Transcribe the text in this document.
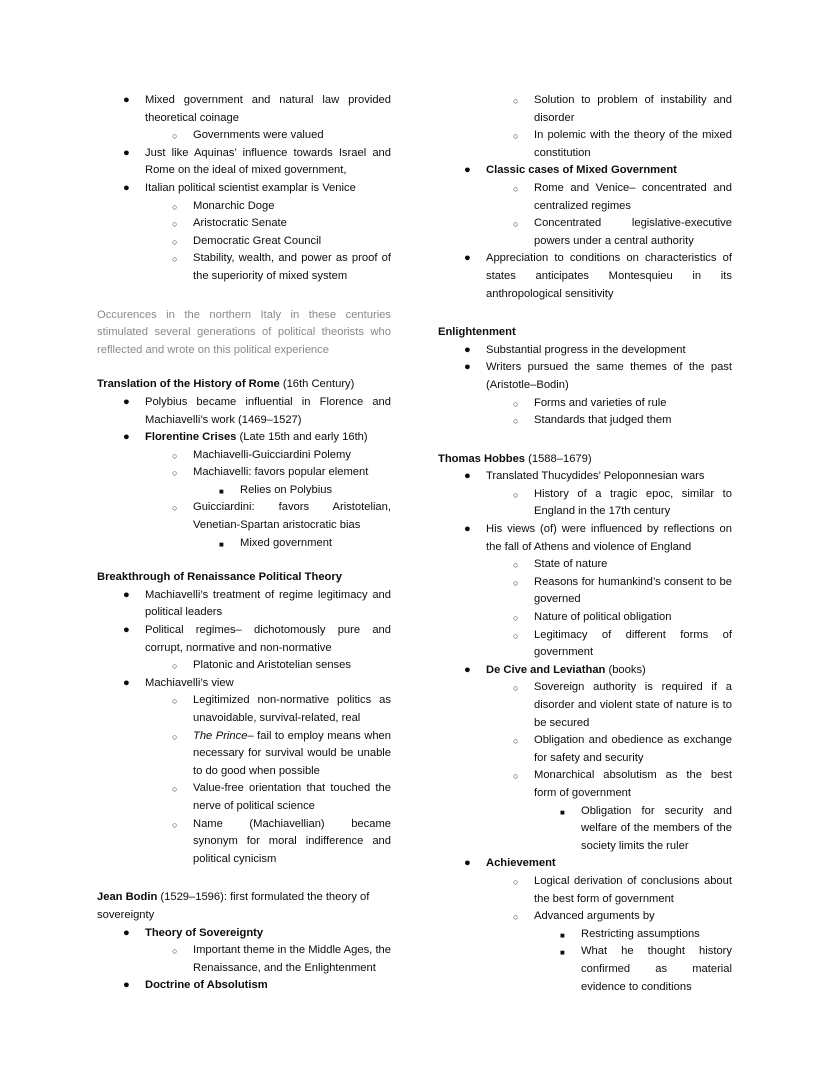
● Mixed government and natural law provided theoretical coinage
○ Governments were valued
● Just like Aquinas’ influence towards Israel and Rome on the ideal of mixed government,
● Italian political scientist examplar is Venice
○ Monarchic Doge
○ Aristocratic Senate
○ Democratic Great Council
○ Stability, wealth, and power as proof of the superiority of mixed system

Occurences in the northern Italy in these centuries stimulated several generations of political theorists who refllected and wrote on this political experience

Translation of the History of Rome (16th Century)
● Polybius became influential in Florence and Machiavelli’s work (1469–1527)
● Florentine Crises (Late 15th and early 16th)
○ Machiavelli-Guicciardini Polemy
○ Machiavelli: favors popular element
■ Relies on Polybius
○ Guicciardini: favors Aristotelian, Venetian-Spartan aristocratic bias
■ Mixed government
Breakthrough of Renaissance Political Theory
● Machiavelli’s treatment of regime legitimacy and political leaders
● Political regimes– dichotomously pure and corrupt, normative and non-normative
○ Platonic and Aristotelian senses
● Machiavelli’s view
○ Legitimized non-normative politics as unavoidable, survival-related, real
○ The Prince– fail to employ means when necessary for survival would be unable to do good when possible
○ Value-free orientation that touched the nerve of political science
○ Name (Machiavellian) became synonym for moral indifference and political cynicism
Jean Bodin (1529–1596): first formulated the theory of sovereignty
● Theory of Sovereignty
○ Important theme in the Middle Ages, the Renaissance, and the Enlightenment
● Doctrine of Absolutism
○ Solution to problem of instability and disorder
○ In polemic with the theory of the mixed constitution
● Classic cases of Mixed Government
○ Rome and Venice– concentrated and centralized regimes
○ Concentrated legislative-executive powers under a central authority
● Appreciation to conditions on characteristics of states anticipates Montesquieu in its anthropological sensitivity
Enlightenment
● Substantial progress in the development
● Writers pursued the same themes of the past (Aristotle–Bodin)
○ Forms and varieties of rule
○ Standards that judged them
Thomas Hobbes (1588–1679)
● Translated Thucydides’ Peloponnesian wars
○ History of a tragic epoc, similar to England in the 17th century
● His views (of) were influenced by reflections on the fall of Athens and violence of England
○ State of nature
○ Reasons for humankind’s consent to be governed
○ Nature of political obligation
○ Legitimacy of different forms of government
● De Cive and Leviathan (books)
○ Sovereign authority is required if a disorder and violent state of nature is to be secured
○ Obligation and obedience as exchange for safety and security
○ Monarchical absolutism as the best form of government
■ Obligation for security and welfare of the members of the society limits the ruler
● Achievement
○ Logical derivation of conclusions about the best form of government
○ Advanced arguments by
■ Restricting assumptions
■ What he thought history confirmed as material evidence to conditions
